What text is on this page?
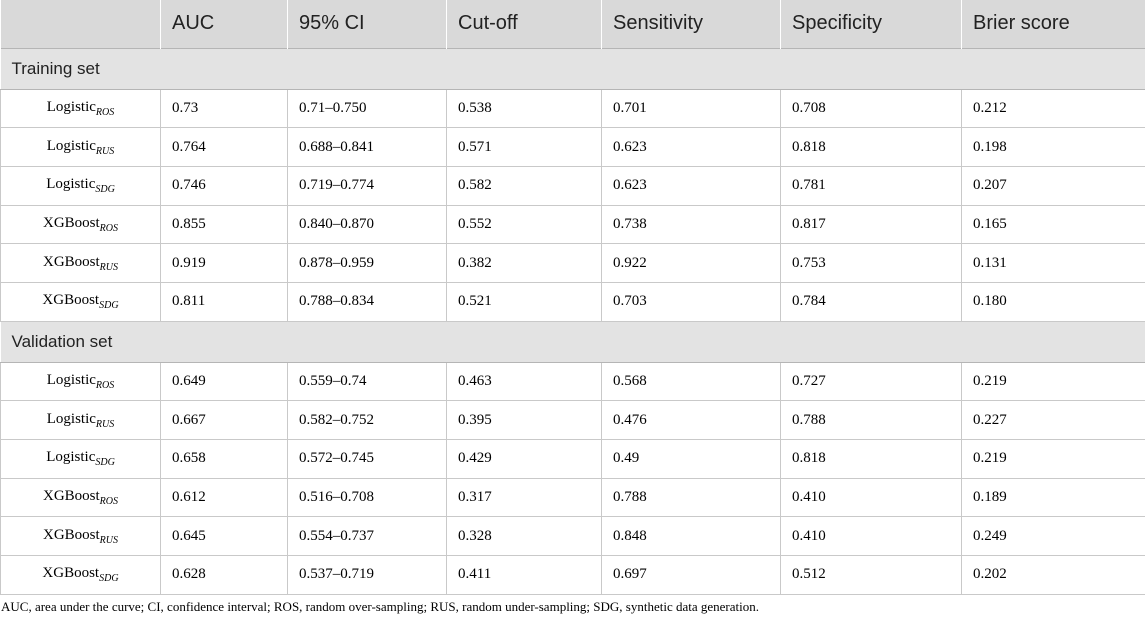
	AUC	95% CI	Cut-off	Sensitivity	Specificity	Brier score
Training set						
Logistic$_{ROS}$	0.73	0.71–0.750	0.538	0.701	0.708	0.212
Logistic$_{RUS}$	0.764	0.688–0.841	0.571	0.623	0.818	0.198
Logistic$_{SDG}$	0.746	0.719–0.774	0.582	0.623	0.781	0.207
XGBoost$_{ROS}$	0.855	0.840–0.870	0.552	0.738	0.817	0.165
XGBoost$_{RUS}$	0.919	0.878–0.959	0.382	0.922	0.753	0.131
XGBoost$_{SDG}$	0.811	0.788–0.834	0.521	0.703	0.784	0.180
Validation set						
Logistic$_{ROS}$	0.649	0.559–0.74	0.463	0.568	0.727	0.219
Logistic$_{RUS}$	0.667	0.582–0.752	0.395	0.476	0.788	0.227
Logistic$_{SDG}$	0.658	0.572–0.745	0.429	0.49	0.818	0.219
XGBoost$_{ROS}$	0.612	0.516–0.708	0.317	0.788	0.410	0.189
XGBoost$_{RUS}$	0.645	0.554–0.737	0.328	0.848	0.410	0.249
XGBoost$_{SDG}$	0.628	0.537–0.719	0.411	0.697	0.512	0.202
AUC, area under the curve; CI, confidence interval; ROS, random over-sampling; RUS, random under-sampling; SDG, synthetic data generation.
